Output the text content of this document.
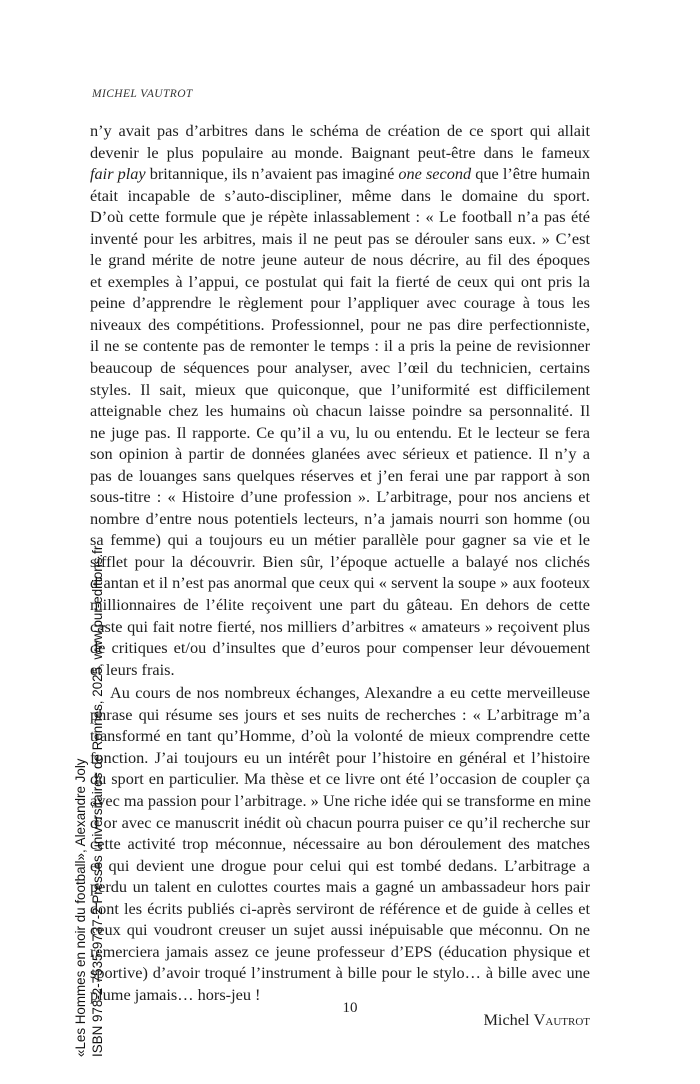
MICHEL VAUTROT
n’y avait pas d’arbitres dans le schéma de création de ce sport qui allait
devenir le plus populaire au monde. Baignant peut-être dans le fameux
fair play britannique, ils n’avaient pas imaginé one second que l’être humain
était incapable de s’auto-discipliner, même dans le domaine du sport.
D’où cette formule que je répète inlassablement : « Le football n’a pas été
inventé pour les arbitres, mais il ne peut pas se dérouler sans eux. » C’est
le grand mérite de notre jeune auteur de nous décrire, au fil des époques
et exemples à l’appui, ce postulat qui fait la fierté de ceux qui ont pris la
peine d’apprendre le règlement pour l’appliquer avec courage à tous les
niveaux des compétitions. Professionnel, pour ne pas dire perfectionniste,
il ne se contente pas de remonter le temps : il a pris la peine de revisionner
beaucoup de séquences pour analyser, avec l’œil du technicien, certains
styles. Il sait, mieux que quiconque, que l’uniformité est difficilement
atteignable chez les humains où chacun laisse poindre sa personnalité. Il
ne juge pas. Il rapporte. Ce qu’il a vu, lu ou entendu. Et le lecteur se fera
son opinion à partir de données glanées avec sérieux et patience. Il n’y a
pas de louanges sans quelques réserves et j’en ferai une par rapport à son
sous-titre : « Histoire d’une profession ». L’arbitrage, pour nos anciens et
nombre d’entre nous potentiels lecteurs, n’a jamais nourri son homme (ou
sa femme) qui a toujours eu un métier parallèle pour gagner sa vie et le
sifflet pour la découvrir. Bien sûr, l’époque actuelle a balayé nos clichés
d’antan et il n’est pas anormal que ceux qui « servent la soupe » aux footeux
millionnaires de l’élite reçoivent une part du gâteau. En dehors de cette
caste qui fait notre fierté, nos milliers d’arbitres « amateurs » reçoivent plus
de critiques et/ou d’insultes que d’euros pour compenser leur dévouement
et leurs frais.
Au cours de nos nombreux échanges, Alexandre a eu cette merveilleuse
phrase qui résume ses jours et ses nuits de recherches : « L’arbitrage m’a
transformé en tant qu’Homme, d’où la volonté de mieux comprendre cette
fonction. J’ai toujours eu un intérêt pour l’histoire en général et l’histoire
du sport en particulier. Ma thèse et ce livre ont été l’occasion de coupler ça
avec ma passion pour l’arbitrage. » Une riche idée qui se transforme en mine
d’or avec ce manuscrit inédit où chacun pourra puiser ce qu’il recherche sur
cette activité trop méconnue, nécessaire au bon déroulement des matches
et qui devient une drogue pour celui qui est tombé dedans. L’arbitrage a
perdu un talent en culottes courtes mais a gagné un ambassadeur hors pair
dont les écrits publiés ci-après serviront de référence et de guide à celles et
ceux qui voudront creuser un sujet aussi inépuisable que méconnu. On ne
remerciera jamais assez ce jeune professeur d’EPS (éducation physique et
sportive) d’avoir troqué l’instrument à bille pour le stylo… à bille avec une
plume jamais… hors-jeu !
Michel Vautrot
10
«Les Hommes en noir du football», Alexandre Joly ISBN 978-2-7535-9737-2 Presses universitaires de Rennes, 2025, www.pur-editions.fr
